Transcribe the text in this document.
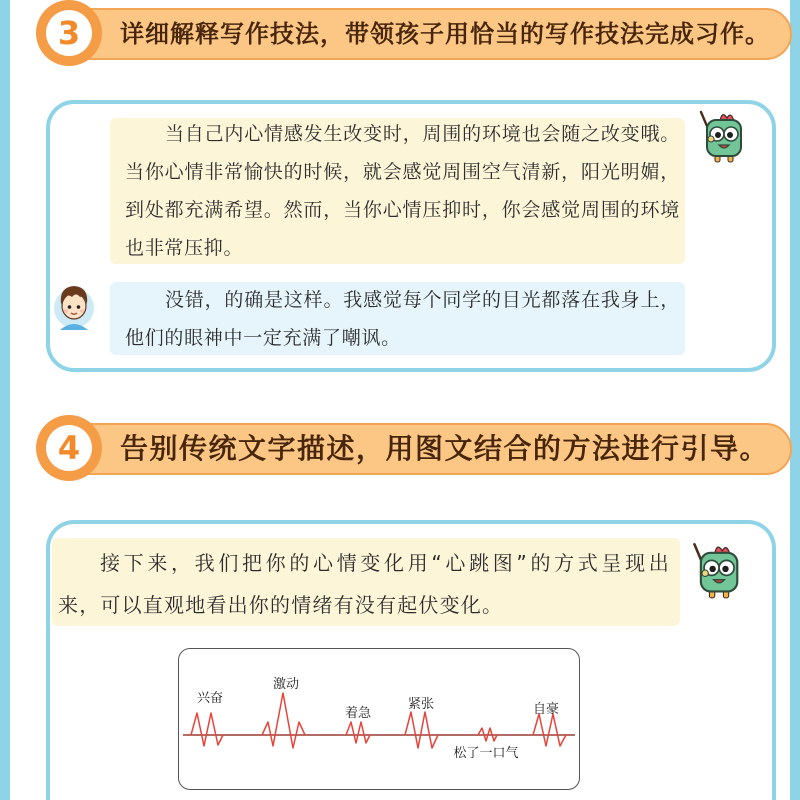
3	详细解释写作技法，带领孩子用恰当的写作技法完成习作。
当自己内心情感发生改变时，周围的环境也会随之改变哦。
当你心情非常愉快的时候，就会感觉周围空气清新，阳光明媚，
到处都充满希望。然而，当你心情压抑时，你会感觉周围的环境
也非常压抑。
没错，的确是这样。我感觉每个同学的目光都落在我身上，
他们的眼神中一定充满了嘲讽。
4	告别传统文字描述，用图文结合的方法进行引导。
接下来，我们把你的心情变化用“心跳图”的方式呈现出
来，可以直观地看出你的情绪有没有起伏变化。
兴奋
激动
着急
紧张
松了一口气
自豪
